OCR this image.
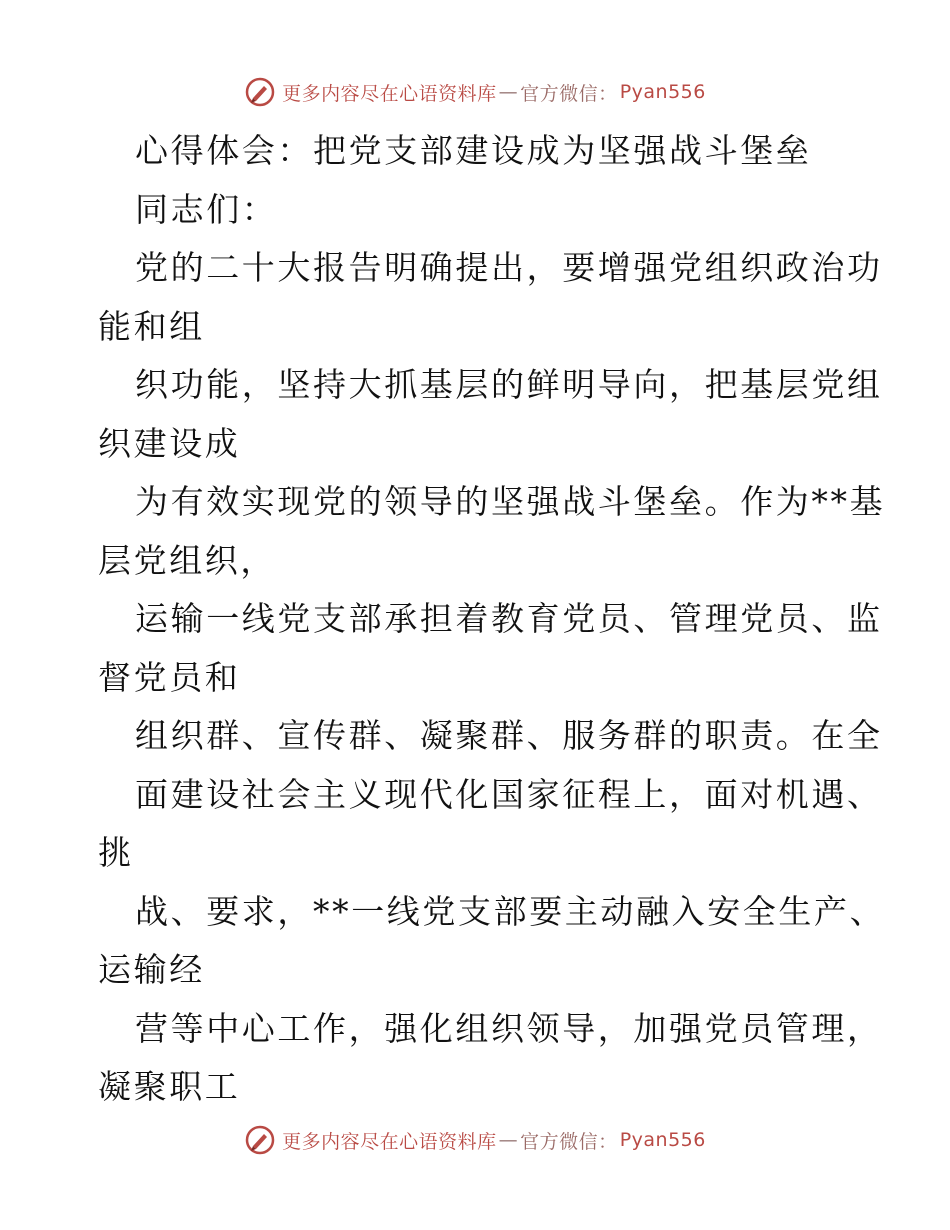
更多内容尽在心语资料库 — 官方微信： Pyan556
心得体会：把党支部建设成为坚强战斗堡垒
同志们：
党的二十大报告明确提出，要增强党组织政治功
能和组
织功能，坚持大抓基层的鲜明导向，把基层党组
织建设成
为有效实现党的领导的坚强战斗堡垒。作为**基
层党组织，
运输一线党支部承担着教育党员、管理党员、监
督党员和
组织群、宣传群、凝聚群、服务群的职责。在全
面建设社会主义现代化国家征程上，面对机遇、
挑
战、要求，**一线党支部要主动融入安全生产、
运输经
营等中心工作，强化组织领导，加强党员管理，
凝聚职工
更多内容尽在心语资料库 — 官方微信： Pyan556
